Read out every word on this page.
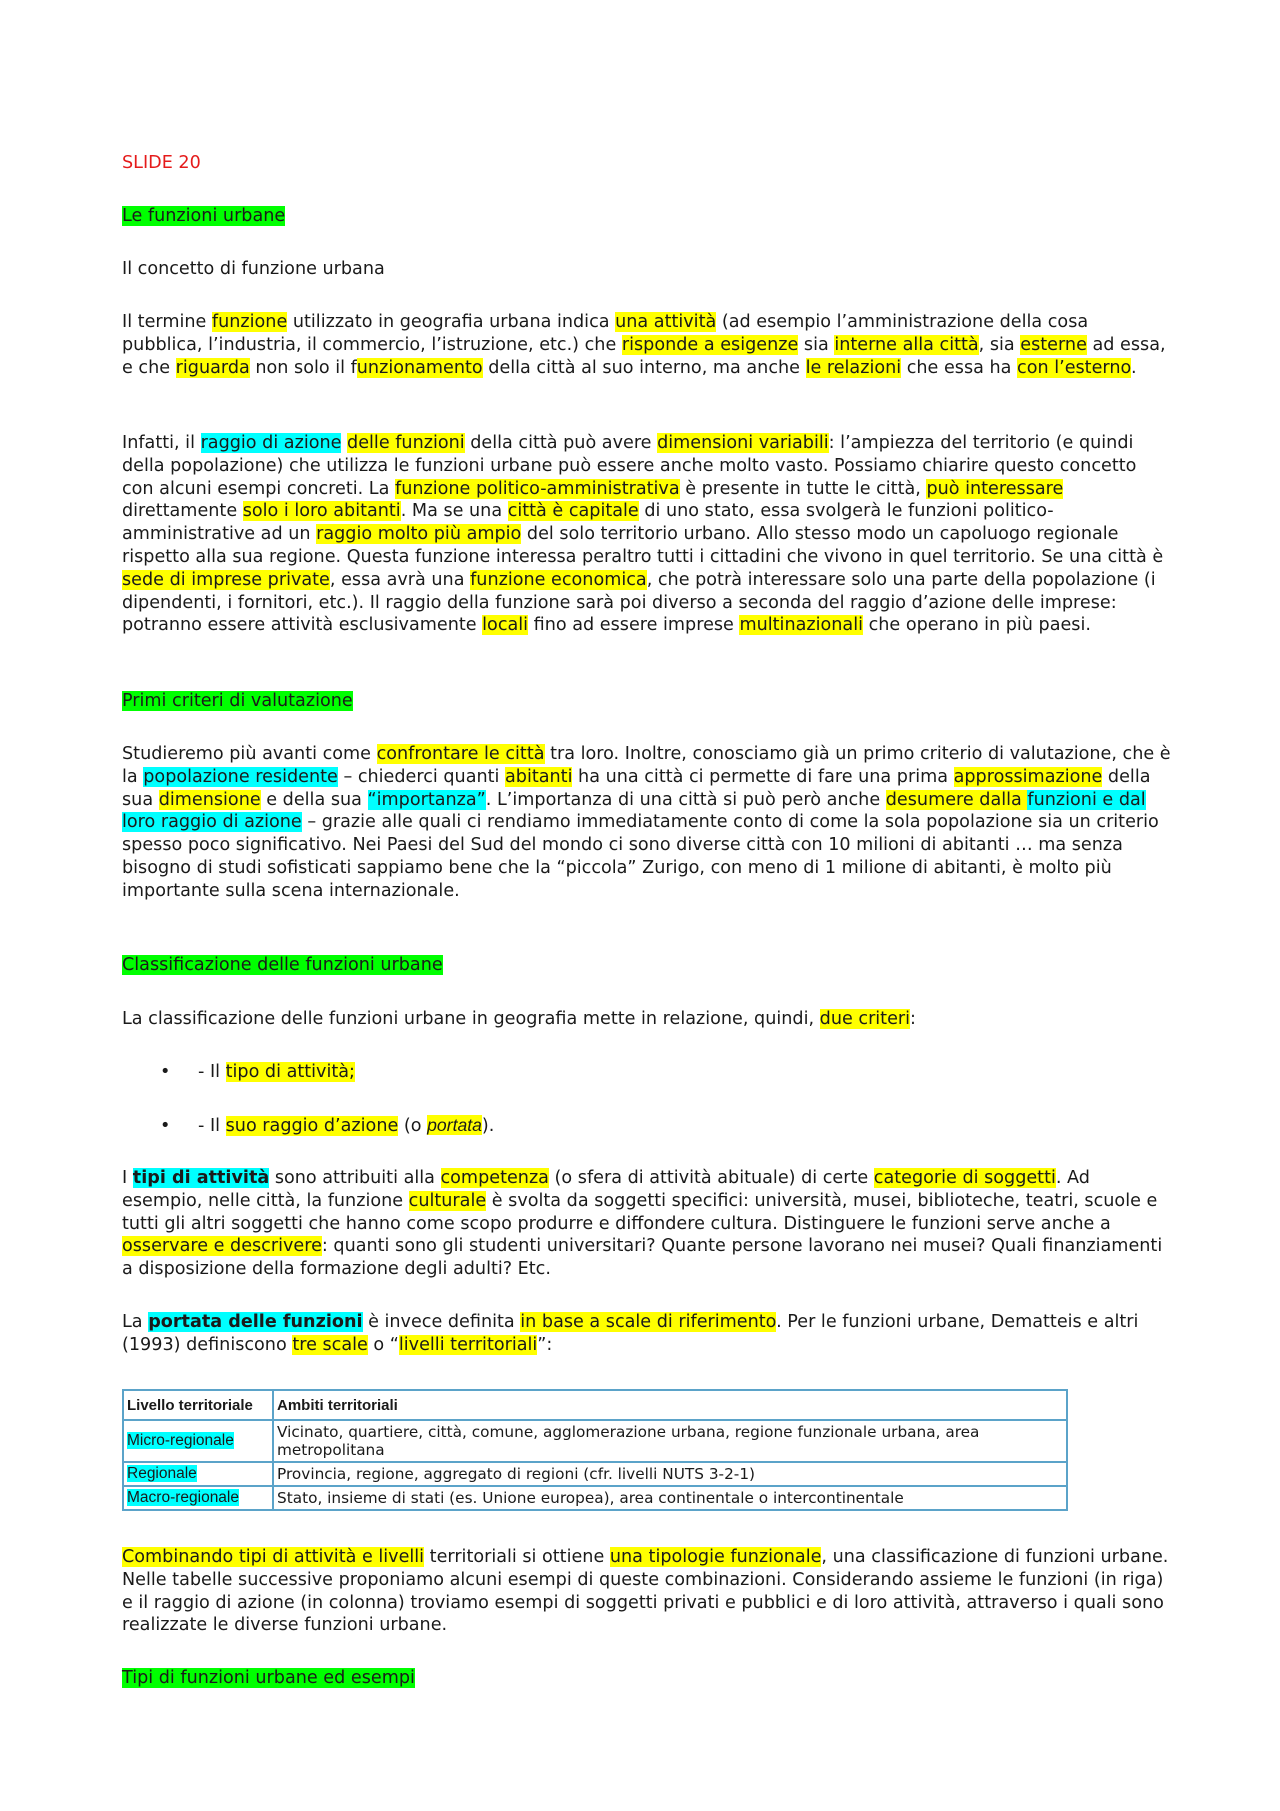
SLIDE 20
Le funzioni urbane
Il concetto di funzione urbana

Il termine funzione utilizzato in geografia urbana indica una attività (ad esempio l’amministrazione della cosa pubblica, l’industria, il commercio, l’istruzione, etc.) che risponde a esigenze sia interne alla città, sia esterne ad essa, e che riguarda non solo il funzionamento della città al suo interno, ma anche le relazioni che essa ha con l’esterno.

Infatti, il raggio di azione delle funzioni della città può avere dimensioni variabili: l’ampiezza del territorio (e quindi della popolazione) che utilizza le funzioni urbane può essere anche molto vasto. Possiamo chiarire questo concetto con alcuni esempi concreti. La funzione politico-amministrativa è presente in tutte le città, può interessare direttamente solo i loro abitanti. Ma se una città è capitale di uno stato, essa svolgerà le funzioni politico-amministrative ad un raggio molto più ampio del solo territorio urbano. Allo stesso modo un capoluogo regionale rispetto alla sua regione. Questa funzione interessa peraltro tutti i cittadini che vivono in quel territorio. Se una città è sede di imprese private, essa avrà una funzione economica, che potrà interessare solo una parte della popolazione (i dipendenti, i fornitori, etc.). Il raggio della funzione sarà poi diverso a seconda del raggio d’azione delle imprese: potranno essere attività esclusivamente locali fino ad essere imprese multinazionali che operano in più paesi.

Primi criteri di valutazione

Studieremo più avanti come confrontare le città tra loro. Inoltre, conosciamo già un primo criterio di valutazione, che è la popolazione residente – chiederci quanti abitanti ha una città ci permette di fare una prima approssimazione della sua dimensione e della sua “importanza”. L’importanza di una città si può però anche desumere dalla funzioni e dal loro raggio di azione – grazie alle quali ci rendiamo immediatamente conto di come la sola popolazione sia un criterio spesso poco significativo. Nei Paesi del Sud del mondo ci sono diverse città con 10 milioni di abitanti … ma senza bisogno di studi sofisticati sappiamo bene che la “piccola” Zurigo, con meno di 1 milione di abitanti, è molto più importante sulla scena internazionale.

Classificazione delle funzioni urbane

La classificazione delle funzioni urbane in geografia mette in relazione, quindi, due criteri:

• - Il tipo di attività;
• - Il suo raggio d’azione (o portata).

I tipi di attività sono attribuiti alla competenza (o sfera di attività abituale) di certe categorie di soggetti. Ad esempio, nelle città, la funzione culturale è svolta da soggetti specifici: università, musei, biblioteche, teatri, scuole e tutti gli altri soggetti che hanno come scopo produrre e diffondere cultura. Distinguere le funzioni serve anche a osservare e descrivere: quanti sono gli studenti universitari? Quante persone lavorano nei musei? Quali finanziamenti a disposizione della formazione degli adulti? Etc.

La portata delle funzioni è invece definita in base a scale di riferimento. Per le funzioni urbane, Dematteis e altri (1993) definiscono tre scale o “livelli territoriali”:

Livello territoriale	Ambiti territoriali
Micro-regionale	Vicinato, quartiere, città, comune, agglomerazione urbana, regione funzionale urbana, area metropolitana
Regionale	Provincia, regione, aggregato di regioni (cfr. livelli NUTS 3-2-1)
Macro-regionale	Stato, insieme di stati (es. Unione europea), area continentale o intercontinentale

Combinando tipi di attività e livelli territoriali si ottiene una tipologie funzionale, una classificazione di funzioni urbane. Nelle tabelle successive proponiamo alcuni esempi di queste combinazioni. Considerando assieme le funzioni (in riga) e il raggio di azione (in colonna) troviamo esempi di soggetti privati e pubblici e di loro attività, attraverso i quali sono realizzate le diverse funzioni urbane.

Tipi di funzioni urbane ed esempi
